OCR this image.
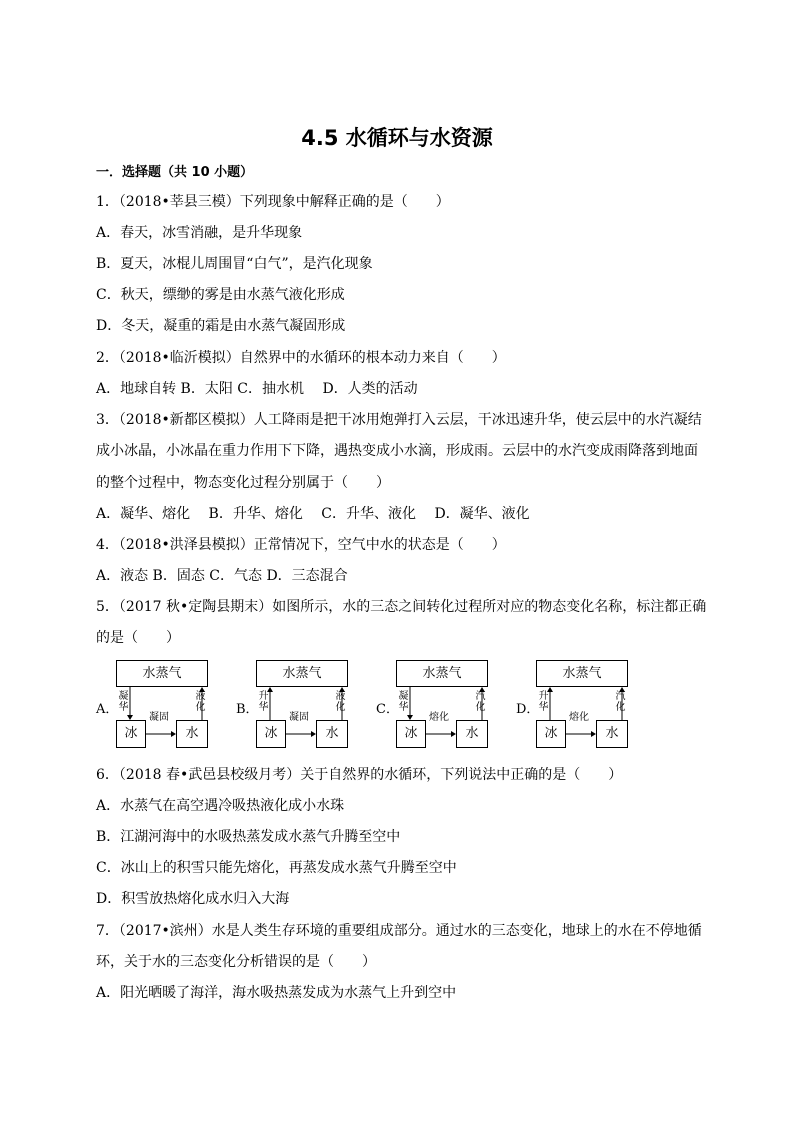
4.5 水循环与水资源
一．选择题（共 10 小题）
1．（2018•莘县三模）下列现象中解释正确的是（　　）
A．春天，冰雪消融，是升华现象
B．夏天，冰棍儿周围冒“白气”，是汽化现象
C．秋天，缥缈的雾是由水蒸气液化形成
D．冬天，凝重的霜是由水蒸气凝固形成
2．（2018•临沂模拟）自然界中的水循环的根本动力来自（　　）
A．地球自转 B．太阳 C．抽水机　 D．人类的活动
3．（2018•新都区模拟）人工降雨是把干冰用炮弹打入云层，干冰迅速升华，使云层中的水汽凝结
成小冰晶，小冰晶在重力作用下下降，遇热变成小水滴，形成雨。云层中的水汽变成雨降落到地面
的整个过程中，物态变化过程分别属于（　　）
A．凝华、熔化　 B．升华、熔化　 C．升华、液化　 D．凝华、液化
4．（2018•洪泽县模拟）正常情况下，空气中水的状态是（　　）
A．液态 B．固态 C．气态 D．三态混合
5．（2017 秋•定陶县期末）如图所示，水的三态之间转化过程所对应的物态变化名称，标注都正确
的是（　　）
A．
水蒸气
冰	水
凝华
凝固
液化 B．
水蒸气
冰	水
升华
凝固
液化 C．
水蒸气
冰	水
凝华
熔化
汽化 D．
水蒸气
冰	水
升华
熔化
汽化
6．（2018 春•武邑县校级月考）关于自然界的水循环，下列说法中正确的是（　　）
A．水蒸气在高空遇冷吸热液化成小水珠
B．江湖河海中的水吸热蒸发成水蒸气升腾至空中
C．冰山上的积雪只能先熔化，再蒸发成水蒸气升腾至空中
D．积雪放热熔化成水归入大海
7．（2017•滨州）水是人类生存环境的重要组成部分。通过水的三态变化，地球上的水在不停地循
环，关于水的三态变化分析错误的是（　　）
A．阳光晒暖了海洋，海水吸热蒸发成为水蒸气上升到空中
